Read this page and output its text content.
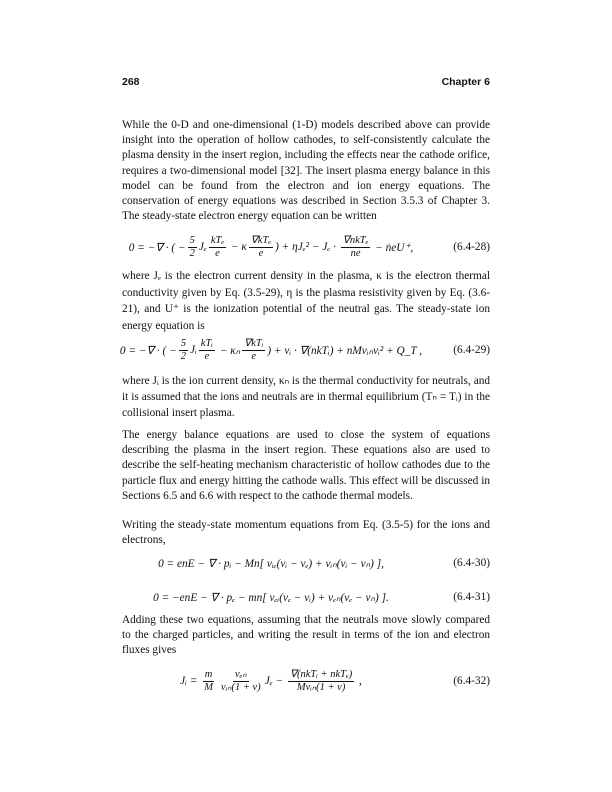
268	Chapter 6

While the 0-D and one-dimensional (1-D) models described above can provide insight into the operation of hollow cathodes, to self-consistently calculate the plasma density in the insert region, including the effects near the cathode orifice, requires a two-dimensional model [32]. The insert plasma energy balance in this model can be found from the electron and ion energy equations. The conservation of energy equations was described in Section 3.5.3 of Chapter 3. The steady-state electron energy equation can be written

0 = −∇ · ( − $\frac{5}{2}$ Jₑ $\frac{\text{kTₑ}}{e} - \kappa \frac{\text{∇kTₑ}}{e}$ ) + $\eta J_e^2 - J_e \cdot \frac{\text{∇nkTₑ}}{ne}$ − ṅeU⁺,	(6.4-28)

where Jₑ is the electron current density in the plasma, κ is the electron thermal conductivity given by Eq. (3.5-29), η is the plasma resistivity given by Eq. (3.6-21), and U⁺ is the ionization potential of the neutral gas. The steady-state ion energy equation is

0 = −∇ · ( − $\frac{5}{2}$ Jᵢ $\frac{\text{kTᵢ}}{e} - \kappa_n \frac{\text{∇kTᵢ}}{e}$ ) + vᵢ · ∇(nkTᵢ) + nMνᵢₙvᵢ² + Q_T ,	(6.4-29)

where Jᵢ is the ion current density, κₙ is the thermal conductivity for neutrals, and it is assumed that the ions and neutrals are in thermal equilibrium (Tₙ = Tᵢ) in the collisional insert plasma.

The energy balance equations are used to close the system of equations describing the plasma in the insert region. These equations also are used to describe the self-heating mechanism characteristic of hollow cathodes due to the particle flux and energy hitting the cathode walls. This effect will be discussed in Sections 6.5 and 6.6 with respect to the cathode thermal models.

Writing the steady-state momentum equations from Eq. (3.5-5) for the ions and electrons,

0 = enE − ∇ · pᵢ − Mn[ νᵢₑ(vᵢ − vₑ) + νᵢₙ(vᵢ − vₙ) ],	(6.4-30)
0 = −enE − ∇ · pₑ − mn[ νₑᵢ(vₑ − vᵢ) + νₑₙ(vₑ − vₙ) ].	(6.4-31)

Adding these two equations, assuming that the neutrals move slowly compared to the charged particles, and writing the result in terms of the ion and electron fluxes gives

Jᵢ = $\frac{m}{M} \frac{\text{νₑₙ}}{\text{νᵢₙ(1 + ν)}}$ $J_e - \frac{\text{∇(nkTᵢ + nkTₑ)}}{\text{Mνᵢₙ(1 + ν)}}$ ,	(6.4-32)
